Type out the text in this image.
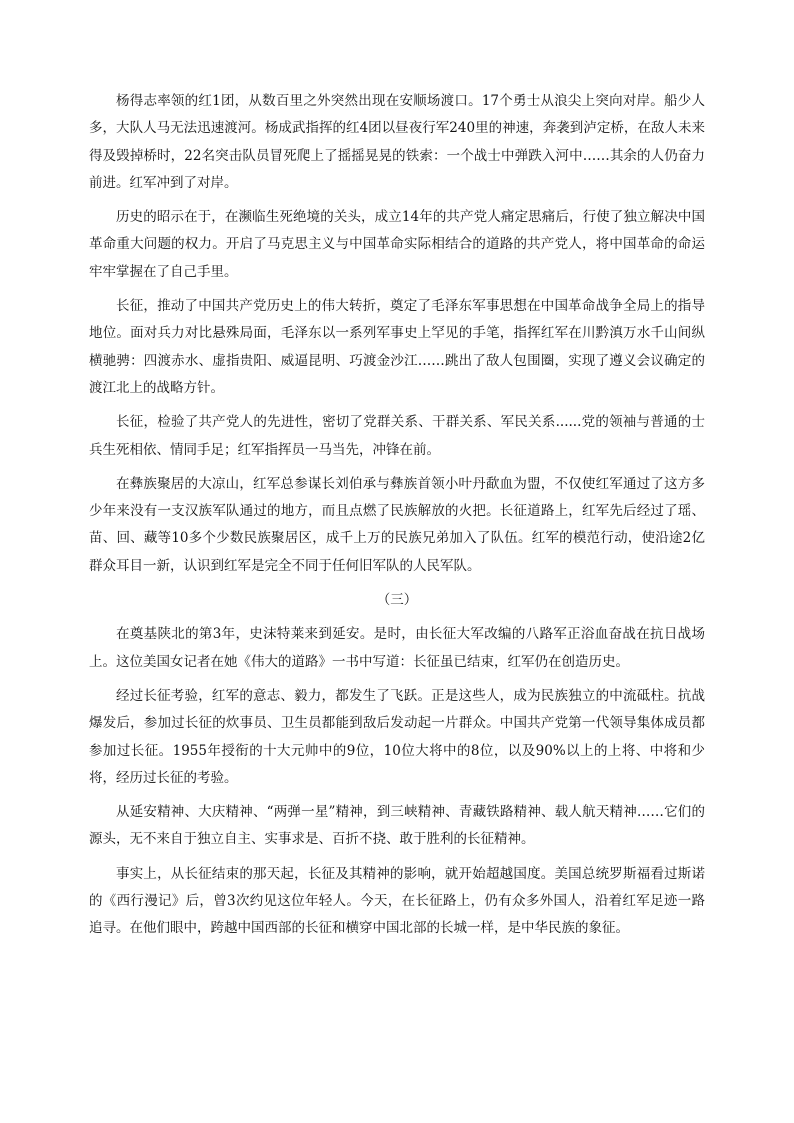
杨得志率领的红1团，从数百里之外突然出现在安顺场渡口。17个勇士从浪尖上突向对岸。船少人多，大队人马无法迅速渡河。杨成武指挥的红4团以昼夜行军240里的神速，奔袭到泸定桥，在敌人未来得及毁掉桥时，22名突击队员冒死爬上了摇摇晃晃的铁索：一个战士中弹跌入河中……其余的人仍奋力前进。红军冲到了对岸。

历史的昭示在于，在濒临生死绝境的关头，成立14年的共产党人痛定思痛后，行使了独立解决中国革命重大问题的权力。开启了马克思主义与中国革命实际相结合的道路的共产党人，将中国革命的命运牢牢掌握在了自己手里。

长征，推动了中国共产党历史上的伟大转折，奠定了毛泽东军事思想在中国革命战争全局上的指导地位。面对兵力对比悬殊局面，毛泽东以一系列军事史上罕见的手笔，指挥红军在川黔滇万水千山间纵横驰骋：四渡赤水、虚指贵阳、威逼昆明、巧渡金沙江……跳出了敌人包围圈，实现了遵义会议确定的渡江北上的战略方针。

长征，检验了共产党人的先进性，密切了党群关系、干群关系、军民关系......党的领袖与普通的士兵生死相依、情同手足；红军指挥员一马当先，冲锋在前。

在彝族聚居的大凉山，红军总参谋长刘伯承与彝族首领小叶丹歃血为盟，不仅使红军通过了这方多少年来没有一支汉族军队通过的地方，而且点燃了民族解放的火把。长征道路上，红军先后经过了瑶、苗、回、藏等10多个少数民族聚居区，成千上万的民族兄弟加入了队伍。红军的模范行动，使沿途2亿群众耳目一新，认识到红军是完全不同于任何旧军队的人民军队。

（三）

在奠基陕北的第3年，史沫特莱来到延安。是时，由长征大军改编的八路军正浴血奋战在抗日战场上。这位美国女记者在她《伟大的道路》一书中写道：长征虽已结束，红军仍在创造历史。

经过长征考验，红军的意志、毅力，都发生了飞跃。正是这些人，成为民族独立的中流砥柱。抗战爆发后，参加过长征的炊事员、卫生员都能到敌后发动起一片群众。中国共产党第一代领导集体成员都参加过长征。1955年授衔的十大元帅中的9位，10位大将中的8位，以及90%以上的上将、中将和少将，经历过长征的考验。

从延安精神、大庆精神、“两弹一星”精神，到三峡精神、青藏铁路精神、载人航天精神……它们的源头，无不来自于独立自主、实事求是、百折不挠、敢于胜利的长征精神。

事实上，从长征结束的那天起，长征及其精神的影响，就开始超越国度。美国总统罗斯福看过斯诺的《西行漫记》后，曾3次约见这位年轻人。今天，在长征路上，仍有众多外国人，沿着红军足迹一路追寻。在他们眼中，跨越中国西部的长征和横穿中国北部的长城一样，是中华民族的象征。
